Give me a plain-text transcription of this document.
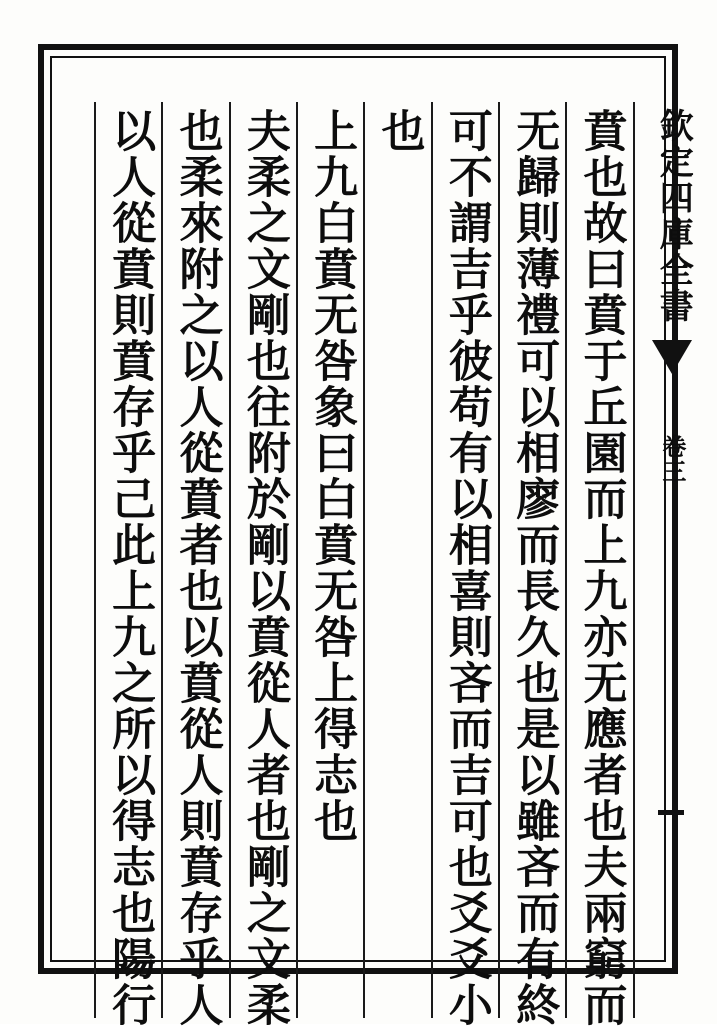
欽定四庫全書
卷三
賁也故曰賁于丘園而上九亦无應者也夫兩窮而
无歸則薄禮可以相廖而長久也是以雖吝而有終
可不謂吉乎彼苟有以相喜則吝而吉可也爻爻小
也
上九白賁无咎象曰白賁无咎上得志也
夫柔之文剛也往附於剛以賁從人者也剛之文柔
也柔來附之以人從賁者也以賁從人則賁存乎人
以人從賁則賁存乎己此上九之所以得志也陽行
